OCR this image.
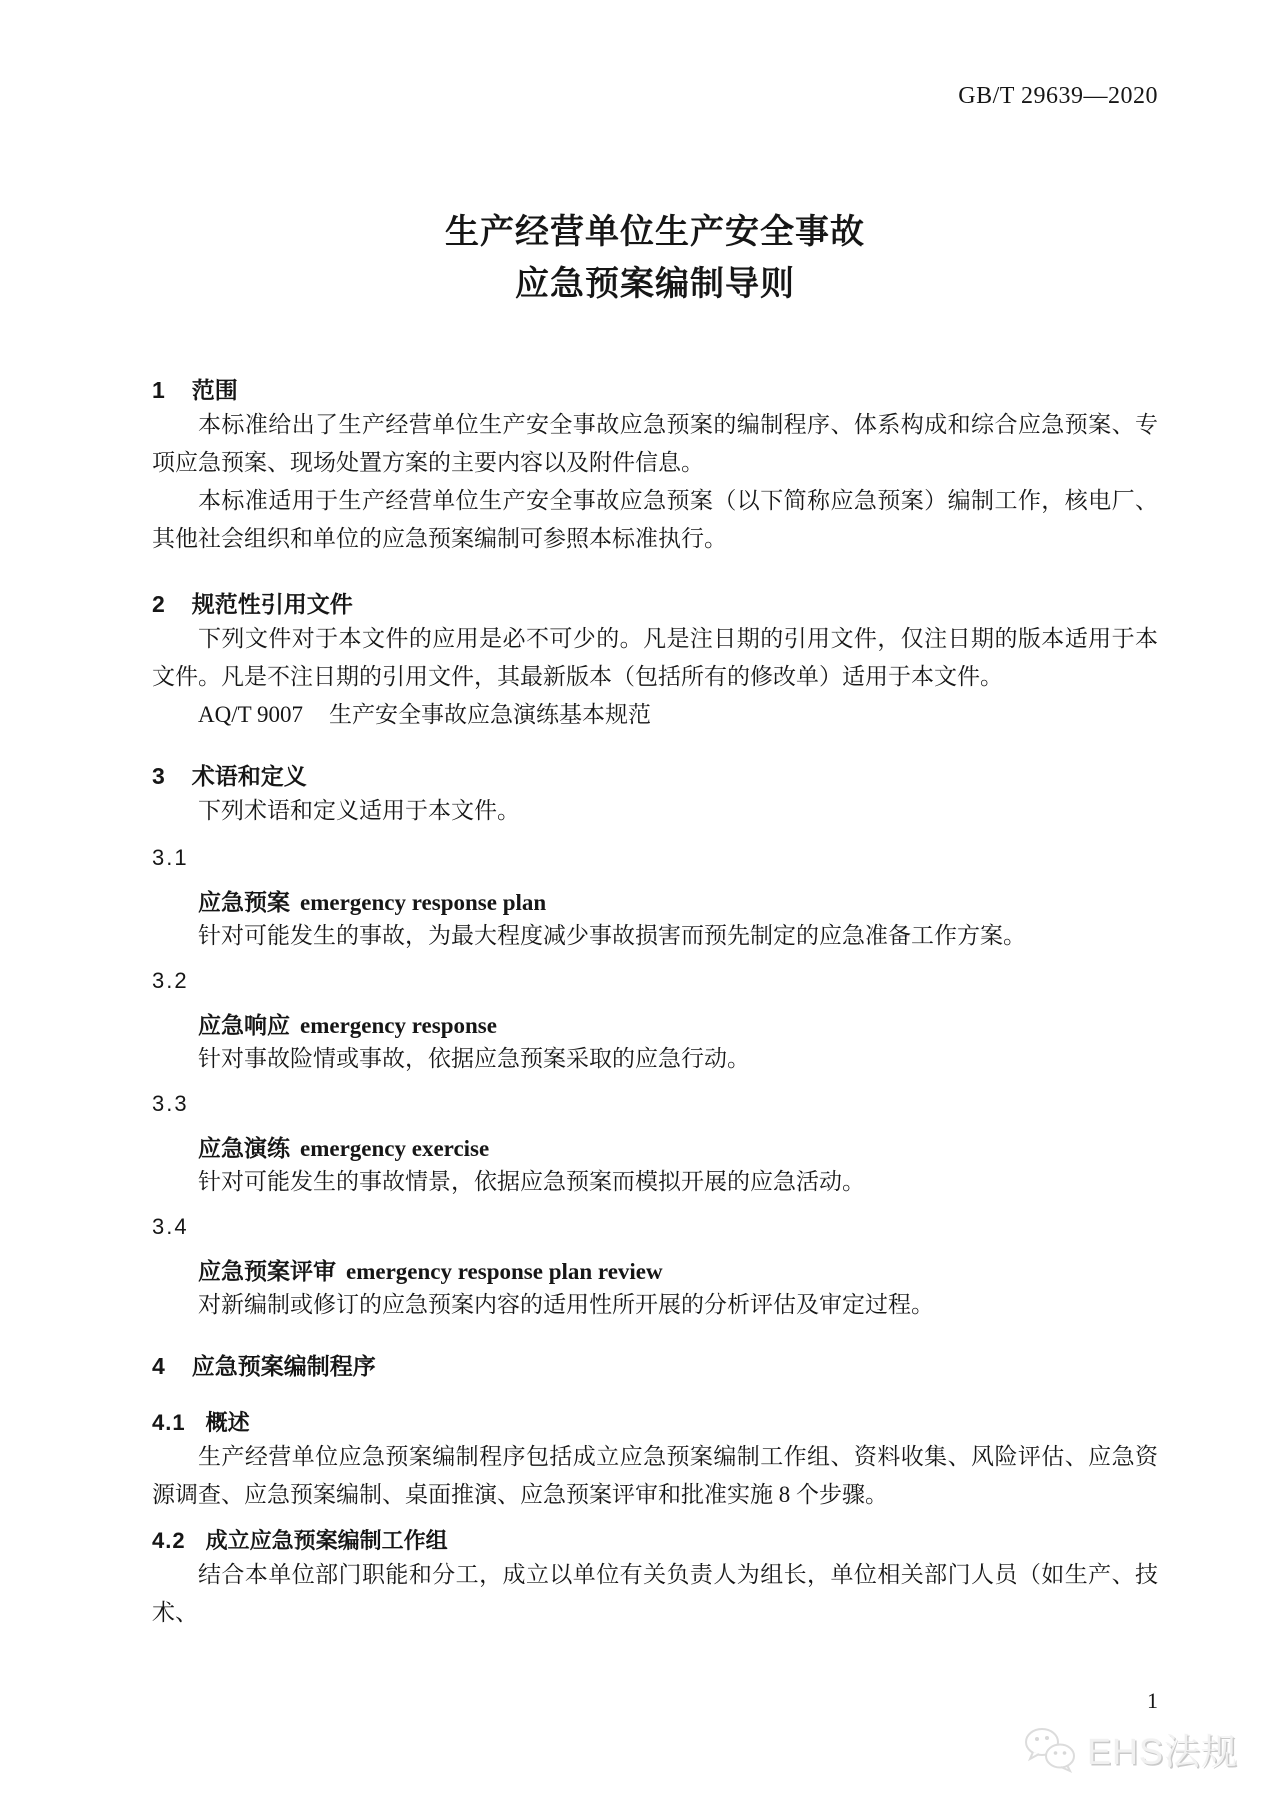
GB/T 29639—2020
生产经营单位生产安全事故
应急预案编制导则
1 范围

本标准给出了生产经营单位生产安全事故应急预案的编制程序、体系构成和综合应急预案、专项应急预案、现场处置方案的主要内容以及附件信息。

本标准适用于生产经营单位生产安全事故应急预案（以下简称应急预案）编制工作，核电厂、其他社会组织和单位的应急预案编制可参照本标准执行。

2 规范性引用文件

下列文件对于本文件的应用是必不可少的。凡是注日期的引用文件，仅注日期的版本适用于本文件。凡是不注日期的引用文件，其最新版本（包括所有的修改单）适用于本文件。

AQ/T 9007 生产安全事故应急演练基本规范

3 术语和定义

下列术语和定义适用于本文件。

3.1
应急预案 emergency response plan

针对可能发生的事故，为最大程度减少事故损害而预先制定的应急准备工作方案。

3.2
应急响应 emergency response

针对事故险情或事故，依据应急预案采取的应急行动。

3.3
应急演练 emergency exercise

针对可能发生的事故情景，依据应急预案而模拟开展的应急活动。

3.4
应急预案评审 emergency response plan review

对新编制或修订的应急预案内容的适用性所开展的分析评估及审定过程。

4 应急预案编制程序
4.1 概述

生产经营单位应急预案编制程序包括成立应急预案编制工作组、资料收集、风险评估、应急资源调查、应急预案编制、桌面推演、应急预案评审和批准实施 8 个步骤。

4.2 成立应急预案编制工作组

结合本单位部门职能和分工，成立以单位有关负责人为组长，单位相关部门人员（如生产、技术、

1
EHS法规
